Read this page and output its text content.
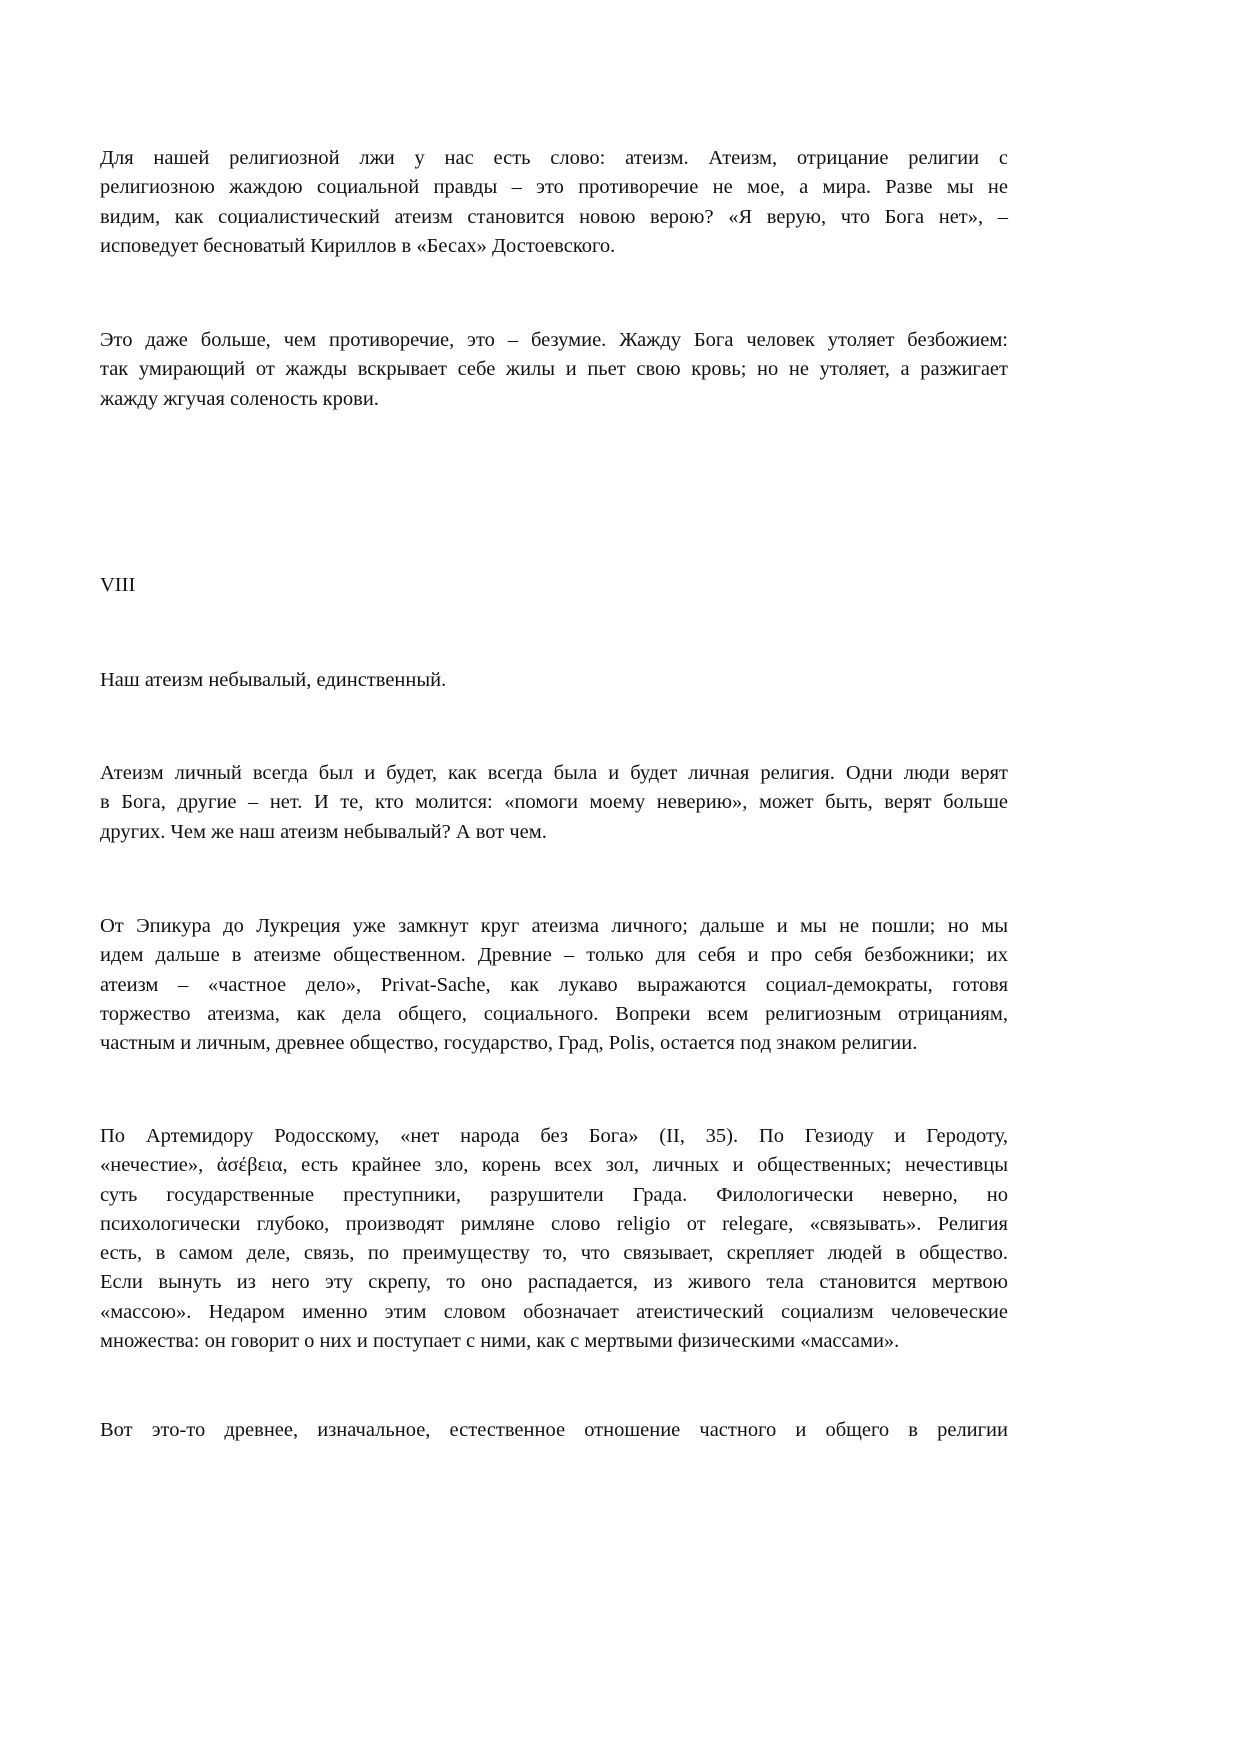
Для нашей религиозной лжи у нас есть слово: атеизм. Атеизм, отрицание религии с
религиозною жаждою социальной правды – это противоречие не мое, а мира. Разве мы не
видим, как социалистический атеизм становится новою верою? «Я верую, что Бога нет», –
исповедует бесноватый Кириллов в «Бесах» Достоевского.
Это даже больше, чем противоречие, это – безумие. Жажду Бога человек утоляет безбожием:
так умирающий от жажды вскрывает себе жилы и пьет свою кровь; но не утоляет, а разжигает
жажду жгучая соленость крови.
VIII
Наш атеизм небывалый, единственный.
Атеизм личный всегда был и будет, как всегда была и будет личная религия. Одни люди верят
в Бога, другие – нет. И те, кто молится: «помоги моему неверию», может быть, верят больше
других. Чем же наш атеизм небывалый? А вот чем.
От Эпикура до Лукреция уже замкнут круг атеизма личного; дальше и мы не пошли; но мы
идем дальше в атеизме общественном. Древние – только для себя и про себя безбожники; их
атеизм – «частное дело», Privat-Sache, как лукаво выражаются социал-демократы, готовя
торжество атеизма, как дела общего, социального. Вопреки всем религиозным отрицаниям,
частным и личным, древнее общество, государство, Град, Polis, остается под знаком религии.
По Артемидору Родосскому, «нет народа без Бога» (II, 35). По Гезиоду и Геродоту,
«нечестие», ἀσέβεια, есть крайнее зло, корень всех зол, личных и общественных; нечестивцы
суть государственные преступники, разрушители Града. Филологически неверно, но
психологически глубоко, производят римляне слово religio от relegare, «связывать». Религия
есть, в самом деле, связь, по преимуществу то, что связывает, скрепляет людей в общество.
Если вынуть из него эту скрепу, то оно распадается, из живого тела становится мертвою
«массою». Недаром именно этим словом обозначает атеистический социализм человеческие
множества: он говорит о них и поступает с ними, как с мертвыми физическими «массами».
Вот это-то древнее, изначальное, естественное отношение частного и общего в религии
